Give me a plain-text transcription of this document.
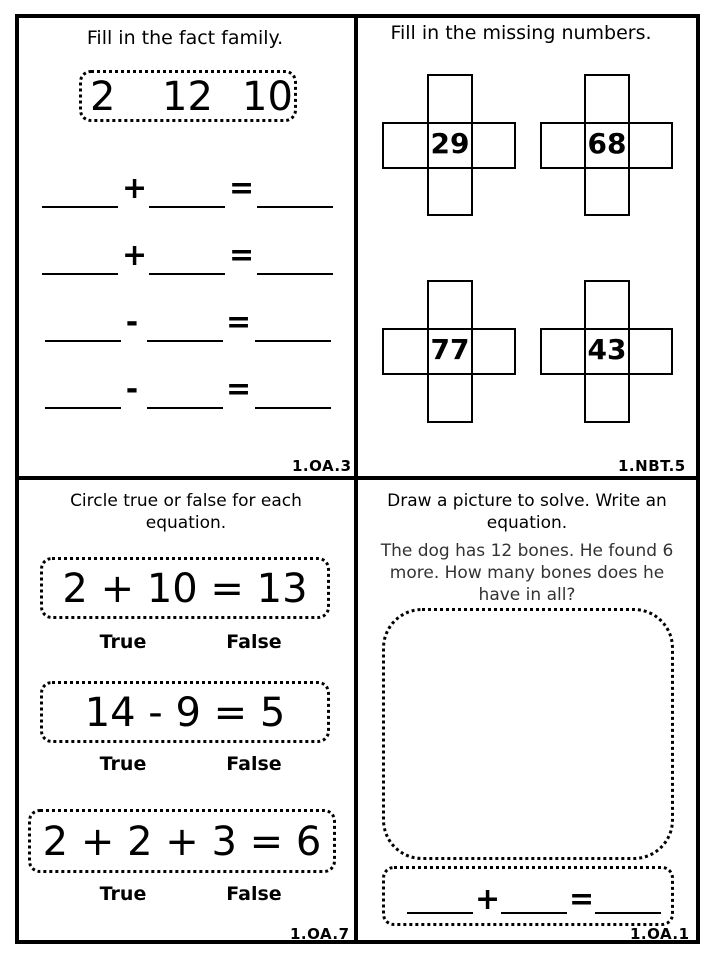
Fill in the fact family.
2 12 10
+	=
+	=
-	=
-	=
1.OA.3
Fill in the missing numbers.
29	68
77	43
1.NBT.5
Circle true or false for each equation.
2 + 10 = 13
True	False
14 - 9 = 5
True	False
2 + 2 + 3 = 6
True	False
1.OA.7
Draw a picture to solve. Write an equation.
The dog has 12 bones. He found 6 more. How many bones does he have in all?
+ =
1.OA.1
